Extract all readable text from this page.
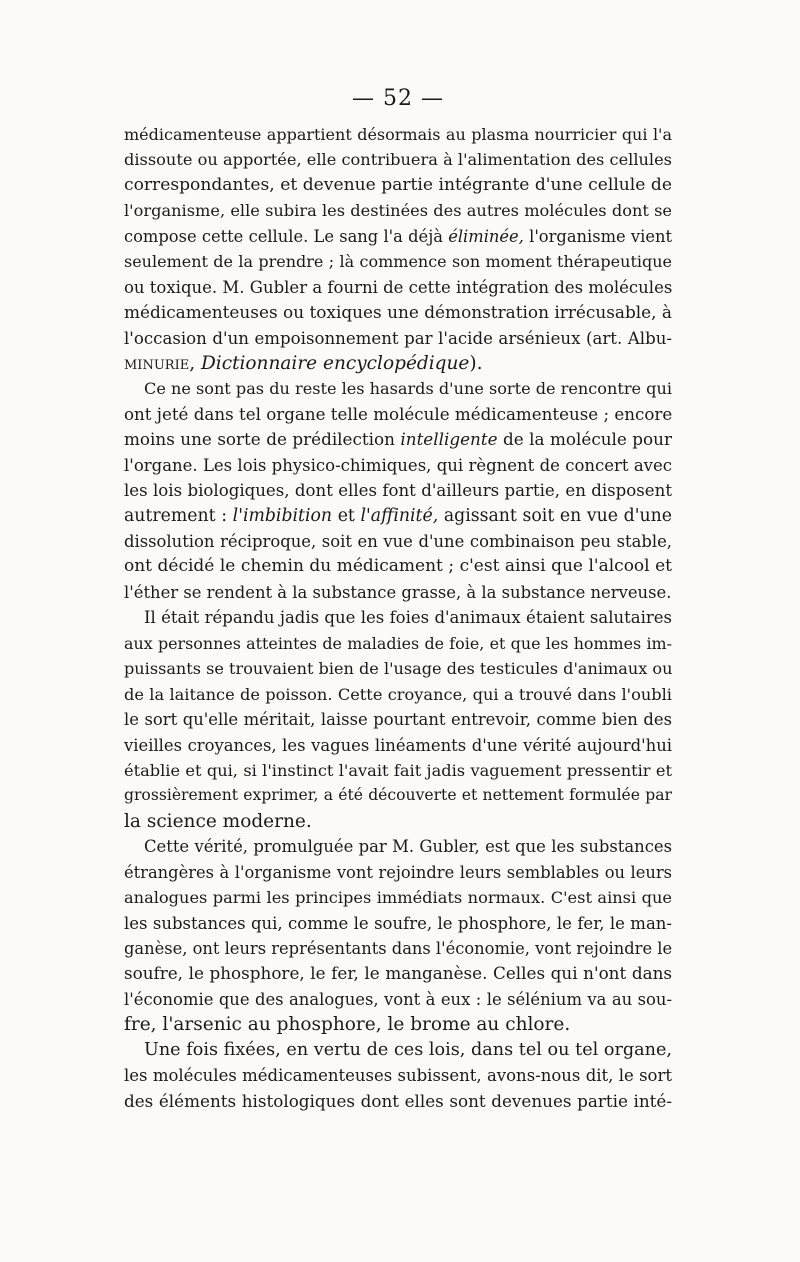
— 52 —
médicamenteuse appartient désormais au plasma nourricier qui l'a
dissoute ou apportée, elle contribuera à l'alimentation des cellules
correspondantes, et devenue partie intégrante d'une cellule de
l'organisme, elle subira les destinées des autres molécules dont se
compose cette cellule. Le sang l'a déjà éliminée, l'organisme vient
seulement de la prendre ; là commence son moment thérapeutique
ou toxique. M. Gubler a fourni de cette intégration des molécules
médicamenteuses ou toxiques une démonstration irrécusable, à
l'occasion d'un empoisonnement par l'acide arsénieux (art. Albu-
minurie, Dictionnaire encyclopédique).
Ce ne sont pas du reste les hasards d'une sorte de rencontre qui
ont jeté dans tel organe telle molécule médicamenteuse ; encore
moins une sorte de prédilection intelligente de la molécule pour
l'organe. Les lois physico-chimiques, qui règnent de concert avec
les lois biologiques, dont elles font d'ailleurs partie, en disposent
autrement : l'imbibition et l'affinité, agissant soit en vue d'une
dissolution réciproque, soit en vue d'une combinaison peu stable,
ont décidé le chemin du médicament ; c'est ainsi que l'alcool et
l'éther se rendent à la substance grasse, à la substance nerveuse.
Il était répandu jadis que les foies d'animaux étaient salutaires
aux personnes atteintes de maladies de foie, et que les hommes im-
puissants se trouvaient bien de l'usage des testicules d'animaux ou
de la laitance de poisson. Cette croyance, qui a trouvé dans l'oubli
le sort qu'elle méritait, laisse pourtant entrevoir, comme bien des
vieilles croyances, les vagues linéaments d'une vérité aujourd'hui
établie et qui, si l'instinct l'avait fait jadis vaguement pressentir et
grossièrement exprimer, a été découverte et nettement formulée par
la science moderne.
Cette vérité, promulguée par M. Gubler, est que les substances
étrangères à l'organisme vont rejoindre leurs semblables ou leurs
analogues parmi les principes immédiats normaux. C'est ainsi que
les substances qui, comme le soufre, le phosphore, le fer, le man-
ganèse, ont leurs représentants dans l'économie, vont rejoindre le
soufre, le phosphore, le fer, le manganèse. Celles qui n'ont dans
l'économie que des analogues, vont à eux : le sélénium va au sou-
fre, l'arsenic au phosphore, le brome au chlore.
Une fois fixées, en vertu de ces lois, dans tel ou tel organe,
les molécules médicamenteuses subissent, avons-nous dit, le sort
des éléments histologiques dont elles sont devenues partie inté-
